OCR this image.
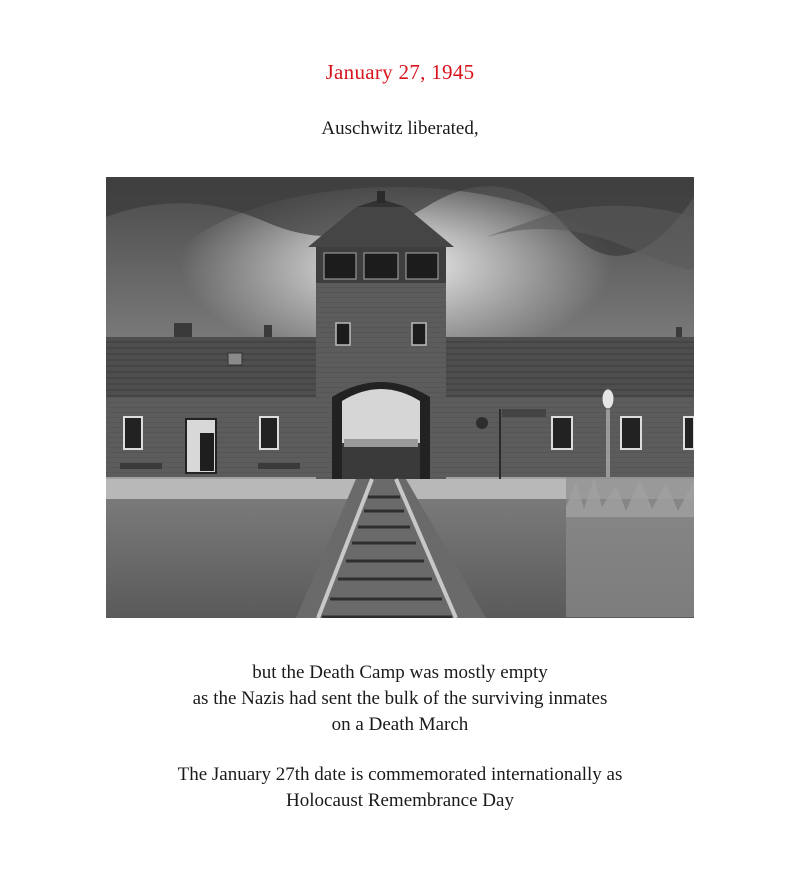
January 27, 1945
Auschwitz liberated,
but the Death Camp was mostly empty
as the Nazis had sent the bulk of the surviving inmates
on a Death March
The January 27th date is commemorated internationally as
Holocaust Remembrance Day
